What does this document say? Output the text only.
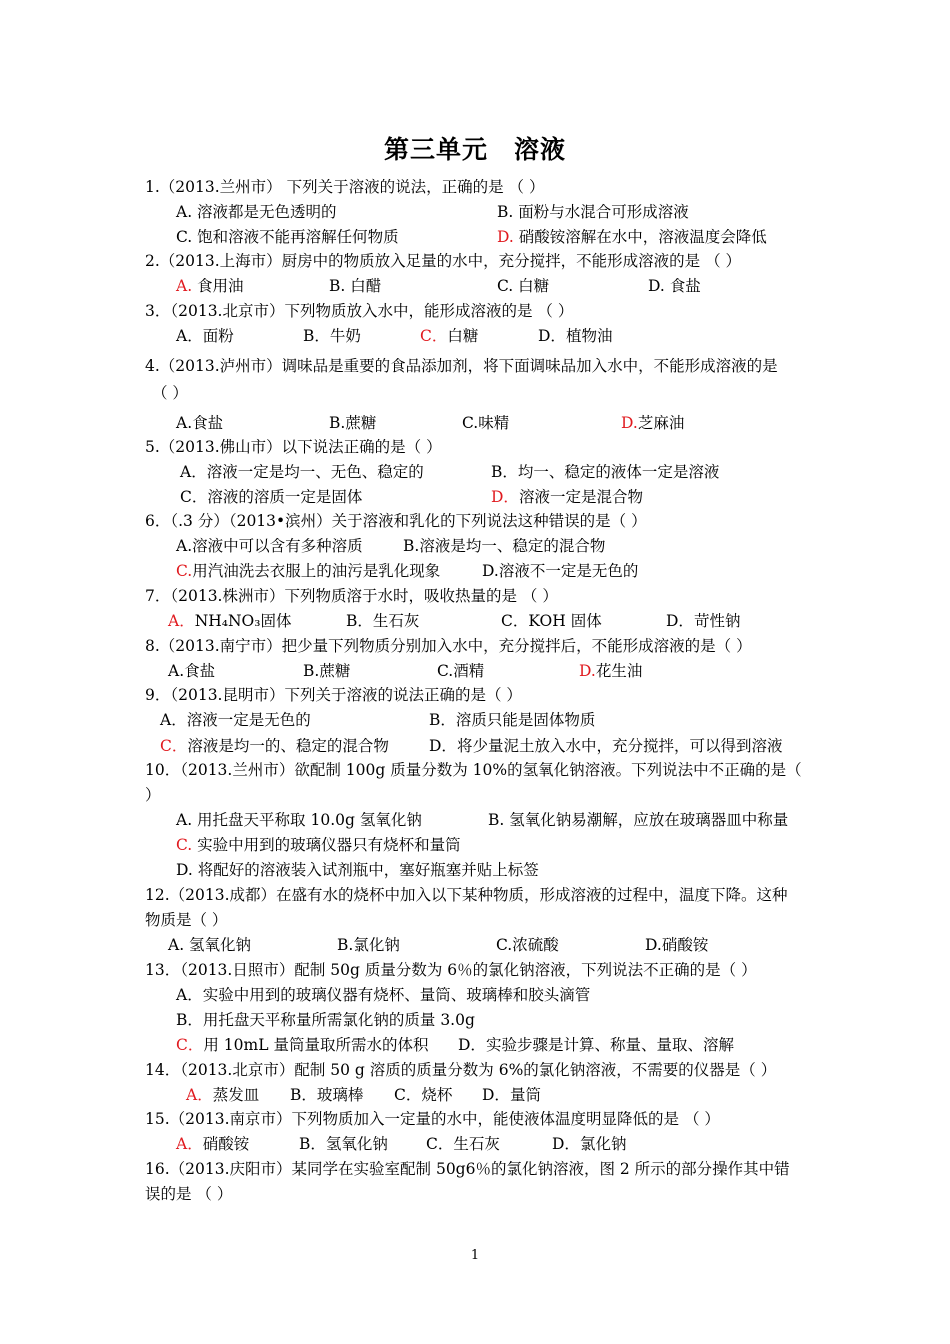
第三单元　溶液
1.（2013.兰州市） 下列关于溶液的说法，正确的是 （ ）
A. 溶液都是无色透明的	B. 面粉与水混合可形成溶液
C. 饱和溶液不能再溶解任何物质	D. 硝酸铵溶解在水中，溶液温度会降低
2.（2013.上海市）厨房中的物质放入足量的水中，充分搅拌，不能形成溶液的是 （ ）
A. 食用油	B. 白醋	C. 白糖	D. 食盐
3．（2013.北京市）下列物质放入水中，能形成溶液的是 （ ）
A．面粉	B．牛奶	C．白糖	D．植物油
4.（2013.泸州市）调味品是重要的食品添加剂，将下面调味品加入水中，不能形成溶液的是
（ ）
A.食盐	B.蔗糖	C.味精	D.芝麻油
5.（2013.佛山市）以下说法正确的是（ ）
A．溶液一定是均一、无色、稳定的	B．均一、稳定的液体一定是溶液
C．溶液的溶质一定是固体	D．溶液一定是混合物
6．（.3 分）（2013•滨州）关于溶液和乳化的下列说法这种错误的是（ ）
A.溶液中可以含有多种溶质	B.溶液是均一、稳定的混合物
C.用汽油洗去衣服上的油污是乳化现象	D.溶液不一定是无色的
7．（2013.株洲市）下列物质溶于水时，吸收热量的是 （ ）
A．NH₄NO₃固体	B．生石灰	C．KOH 固体	D．苛性钠
8.（2013.南宁市）把少量下列物质分别加入水中，充分搅拌后，不能形成溶液的是（ ）
A.食盐	B.蔗糖	C.酒精	D.花生油
9．（2013.昆明市）下列关于溶液的说法正确的是（ ）
A．溶液一定是无色的	B．溶质只能是固体物质
C．溶液是均一的、稳定的混合物	D．将少量泥土放入水中，充分搅拌，可以得到溶液
10．（2013.兰州市）欲配制 100g 质量分数为 10%的氢氧化钠溶液。下列说法中不正确的是（
）
A. 用托盘天平称取 10.0g 氢氧化钠	B. 氢氧化钠易潮解，应放在玻璃器皿中称量
C. 实验中用到的玻璃仪器只有烧杯和量筒
D. 将配好的溶液装入试剂瓶中，塞好瓶塞并贴上标签
12.（2013.成都）在盛有水的烧杯中加入以下某种物质，形成溶液的过程中，温度下降。这种
物质是（ ）
A. 氢氧化钠	B.氯化钠	C.浓硫酸	D.硝酸铵
13．（2013.日照市）配制 50g 质量分数为 6％的氯化钠溶液，下列说法不正确的是（ ）
A．实验中用到的玻璃仪器有烧杯、量筒、玻璃棒和胶头滴管
B．用托盘天平称量所需氯化钠的质量 3.0g
C．用 10mL 量筒量取所需水的体积 D．实验步骤是计算、称量、量取、溶解
14．（2013.北京市）配制 50 g 溶质的质量分数为 6%的氯化钠溶液，不需要的仪器是（ ）
A．蒸发皿 B．玻璃棒 C．烧杯 D．量筒
15.（2013.南京市）下列物质加入一定量的水中，能使液体温度明显降低的是 （ ）
A．硝酸铵	B．氢氧化钠 C．生石灰	D．氯化钠
16.（2013.庆阳市）某同学在实验室配制 50g6％的氯化钠溶液，图 2 所示的部分操作其中错
误的是 （ ）
1
